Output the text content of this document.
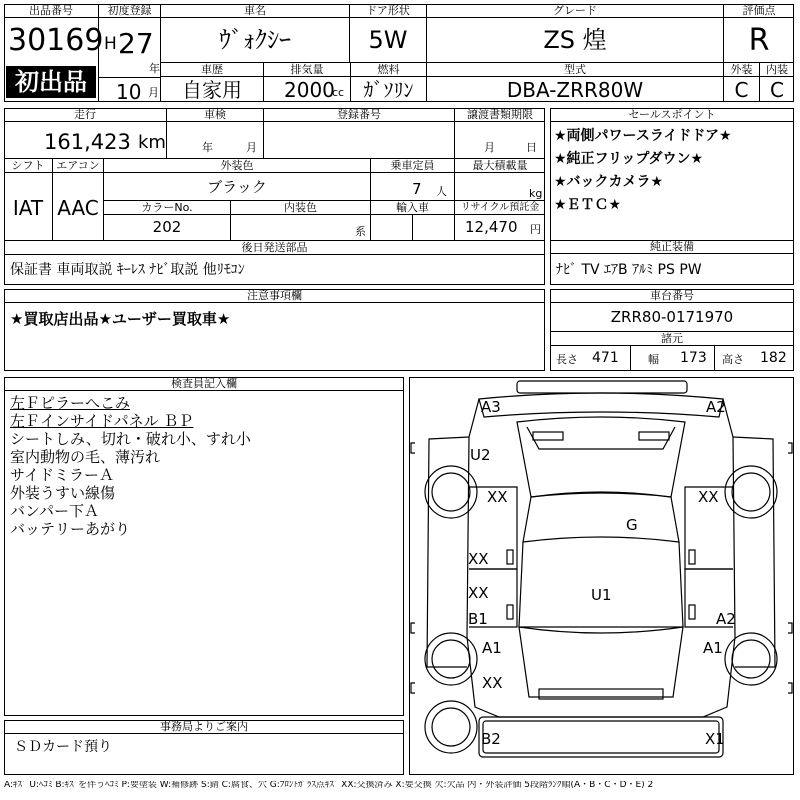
出品番号
30169
初出品
初度登録
H 27
年
10 月
車名
ｳﾞｫｸｼｰ
ドア形状
5W
グレード
ZS 煌
評価点
R
車歴
自家用
排気量
2000
cc
燃料
ｶﾞｿﾘﾝ
型式
DBA-ZRR80W
外装	内装
C	C
走行
161,423 km
車検
年	月
登録番号	譲渡書類期限
月	日
シフト
IAT
エアコン
AAC
外装色
ブラック
乗車定員
7 人
最大積載量
kg
カラーNo.
202
内装色
系
輸入車	リサイクル預託金
12,470 円
後日発送部品
保証書 車両取説 ｷｰﾚｽ ﾅﾋﾞ取説 他ﾘﾓｺﾝ
セールスポイント
★両側パワースライドドア★
★純正フリップダウン★
★バックカメラ★
★ＥＴＣ★
純正装備
ﾅﾋﾞ TV ｴｱB ｱﾙﾐ PS PW
注意事項欄
★買取店出品★ユーザー買取車★
車台番号
ZRR80-0171970
諸元
長さ 471	幅 173 高さ 182
検査員記入欄
左Ｆピラーへこみ
左Ｆインサイドパネル ＢＰ
シートしみ、切れ・破れ小、すれ小
室内動物の毛、薄汚れ
サイドミラーＡ
外装うすい線傷
バンパー下Ａ
バッテリーあがり
事務局よりご案内
ＳＤカード預り
A3	A2
U2
XX	XX
G
XX
XX	U1
B1	A2
A1	A1
XX
B2	X1
A:ｷｽﾞ U:ﾍｺﾐ B:ｷｽﾞを伴うﾍｺﾐ P:要塗装 W:補修跡 S:錆 C:腐食、穴 G:ﾌﾛﾝﾄｶﾞﾗｽ点ｷｽﾞ XX:交換済み X:要交換 欠:欠品 内・外装評価 5段階ﾗﾝｸ順(A・B・C・D・E) 2
